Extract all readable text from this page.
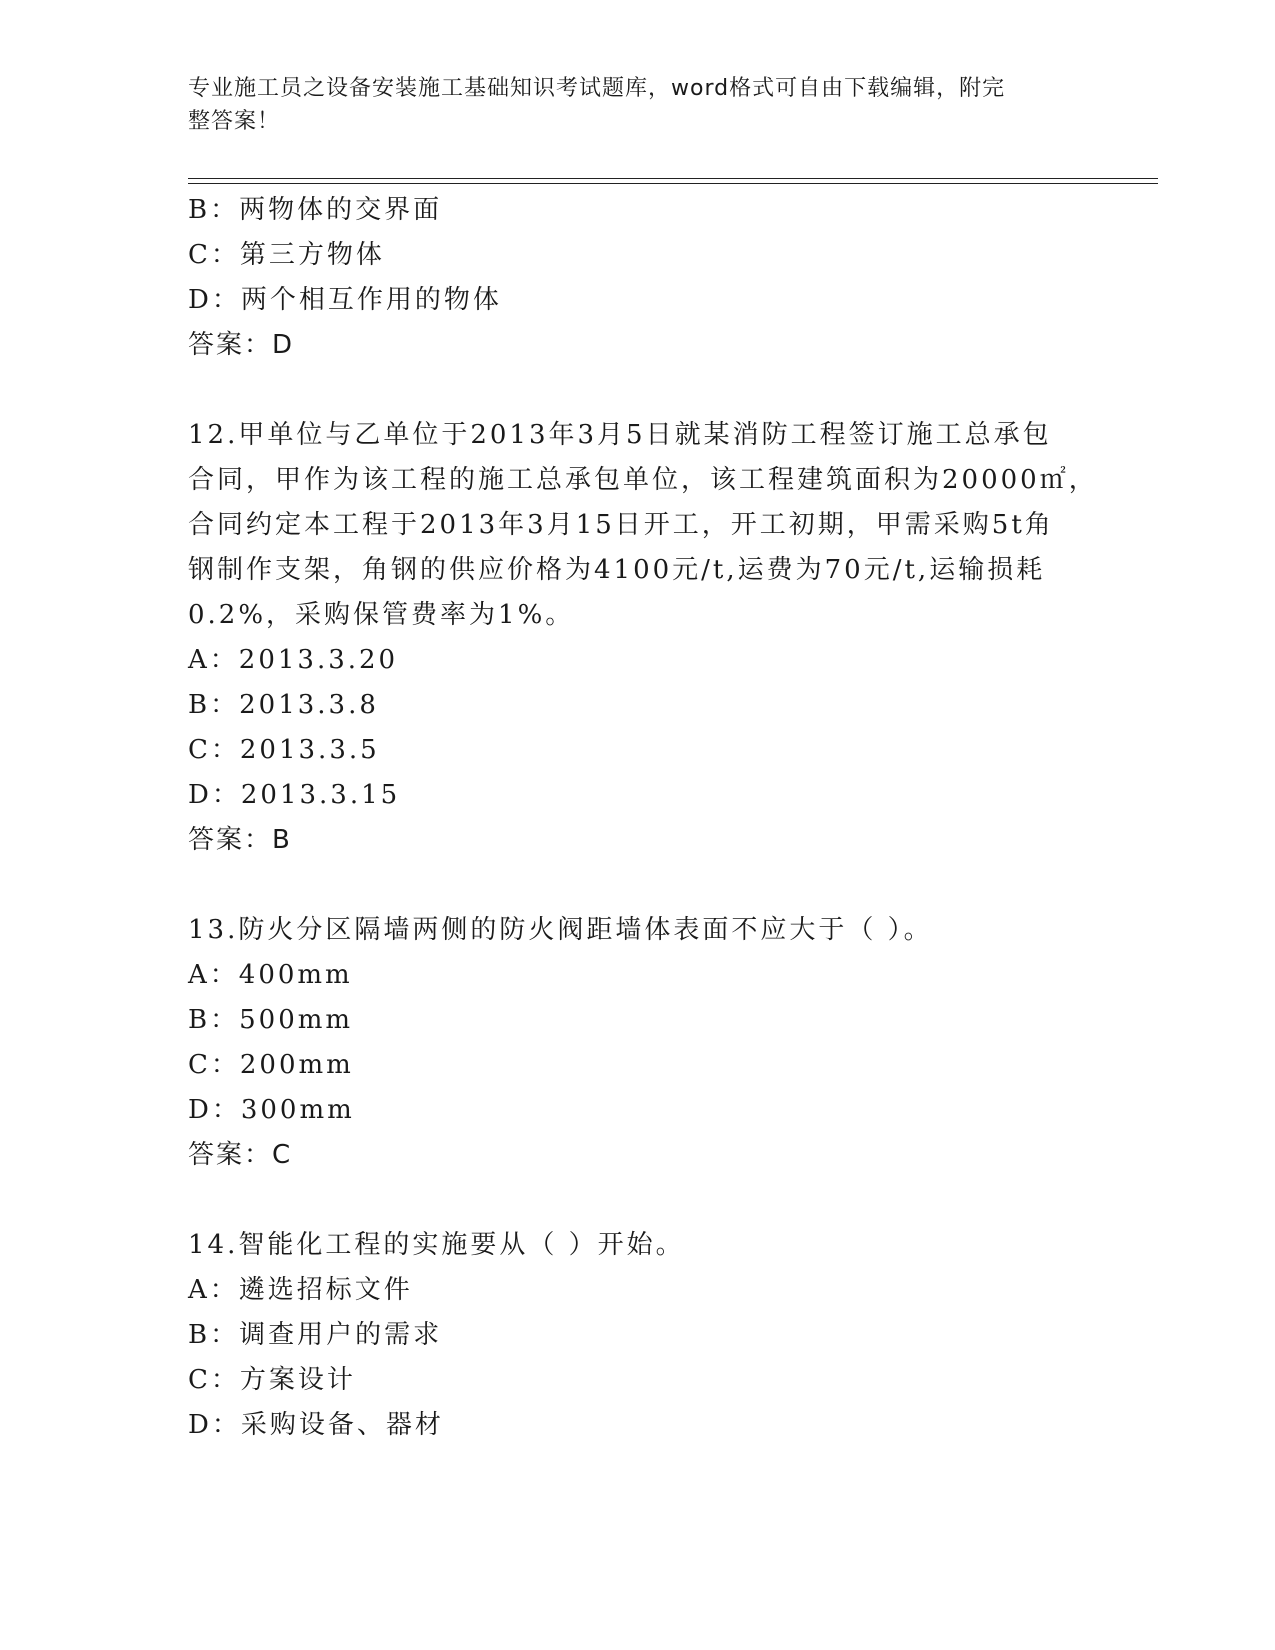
专业施工员之设备安装施工基础知识考试题库，word格式可自由下载编辑，附完
整答案！
B：两物体的交界面
C：第三方物体
D：两个相互作用的物体
答案：D
12.甲单位与乙单位于2013年3月5日就某消防工程签订施工总承包
合同，甲作为该工程的施工总承包单位，该工程建筑面积为20000㎡，
合同约定本工程于2013年3月15日开工，开工初期，甲需采购5t角
钢制作支架，角钢的供应价格为4100元/t,运费为70元/t,运输损耗
0.2%，采购保管费率为1%。
A：2013.3.20
B：2013.3.8
C：2013.3.5
D：2013.3.15
答案：B
13.防火分区隔墙两侧的防火阀距墙体表面不应大于（ ）。
A：400mm
B：500mm
C：200mm
D：300mm
答案：C
14.智能化工程的实施要从（ ）开始。
A：遴选招标文件
B：调查用户的需求
C：方案设计
D：采购设备、器材
